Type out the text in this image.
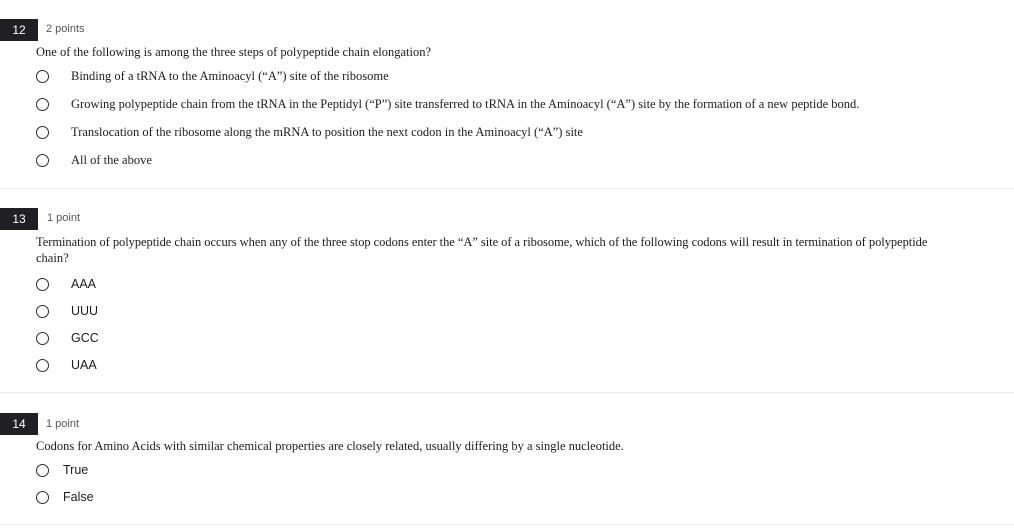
12	2 points
One of the following is among the three steps of polypeptide chain elongation?
Binding of a tRNA to the Aminoacyl (“A”) site of the ribosome
Growing polypeptide chain from the tRNA in the Peptidyl (“P”) site transferred to tRNA in the Aminoacyl (“A”) site by the formation of a new peptide bond.
Translocation of the ribosome along the mRNA to position the next codon in the Aminoacyl (“A”) site
All of the above
13	1 point
Termination of polypeptide chain occurs when any of the three stop codons enter the “A” site of a ribosome, which of the following codons will result in termination of polypeptide
chain?
AAA
UUU
GCC
UAA
14	1 point
Codons for Amino Acids with similar chemical properties are closely related, usually differing by a single nucleotide.
True
False
